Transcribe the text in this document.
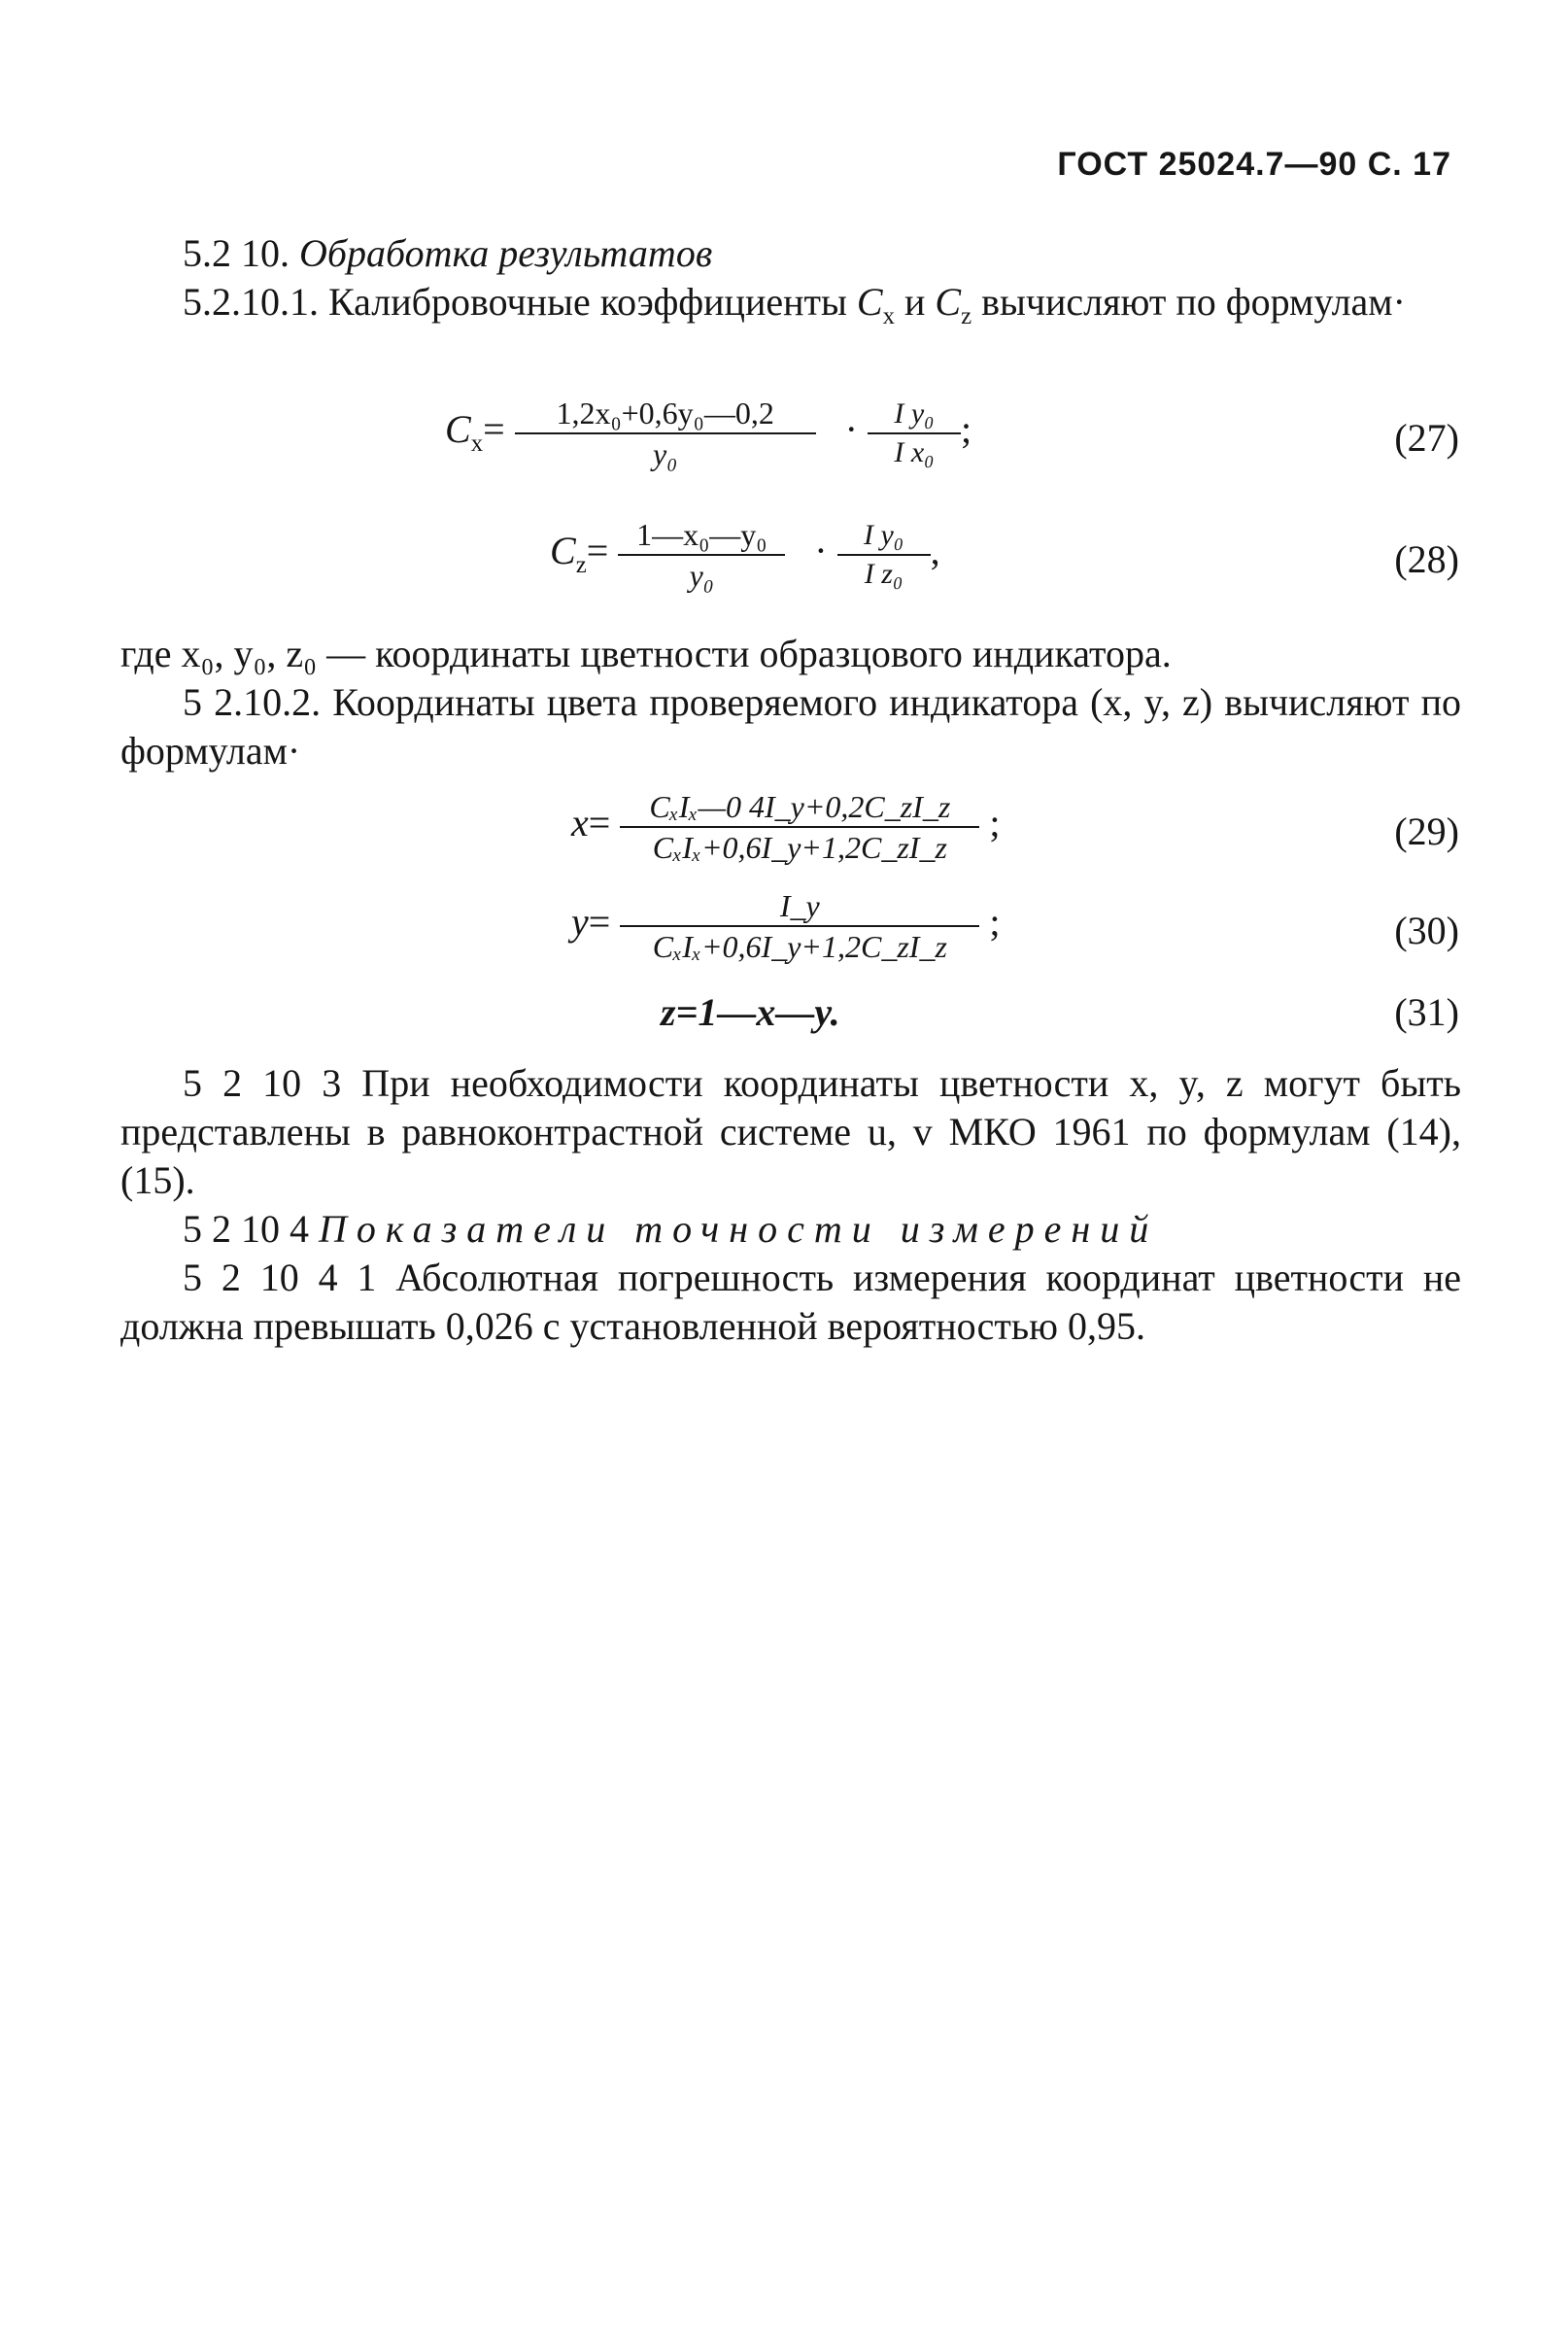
ГОСТ 25024.7—90 С. 17
5.2 10. Обработка результатов
5.2.10.1. Калибровочные коэффициенты $C_x$ и $C_z$ вычисляют по формулам·
$C_x= \frac{\text{1,2x₀+0,6y₀—0,2}}{\text{y₀}} \cdot \frac{\text{I y₀}}{\text{I x₀}}$ ;	(27)
$C_z= \frac{\text{1—x₀—y₀}}{\text{y₀}} \cdot \frac{\text{I y₀}}{\text{I z₀}}$ ,	(28)
где x₀, y₀, z₀ — координаты цветности образцового индикатора.
5 2.10.2. Координаты цвета проверяемого индикатора (x, y, z) вычисляют по формулам·
$x= \frac{\text{CₓIₓ—0 4I\_y+0,2C\_zI\_z}}{\text{CₓIₓ+0,6I\_y+1,2C\_zI\_z}}$ ;	(29)
$y= \frac{I\_y}{\text{CₓIₓ+0,6I\_y+1,2C\_zI\_z}}$ ;	(30)
z=1—x—y.	(31)
5 2 10 3 При необходимости координаты цветности x, y, z могут быть представлены в равноконтрастной системе u, v МКО 1961 по формулам (14), (15).
5 2 10 4 Показатели точности измерений
5 2 10 4 1 Абсолютная погрешность измерения координат цветности не должна превышать 0,026 с установленной вероятностью 0,95.
